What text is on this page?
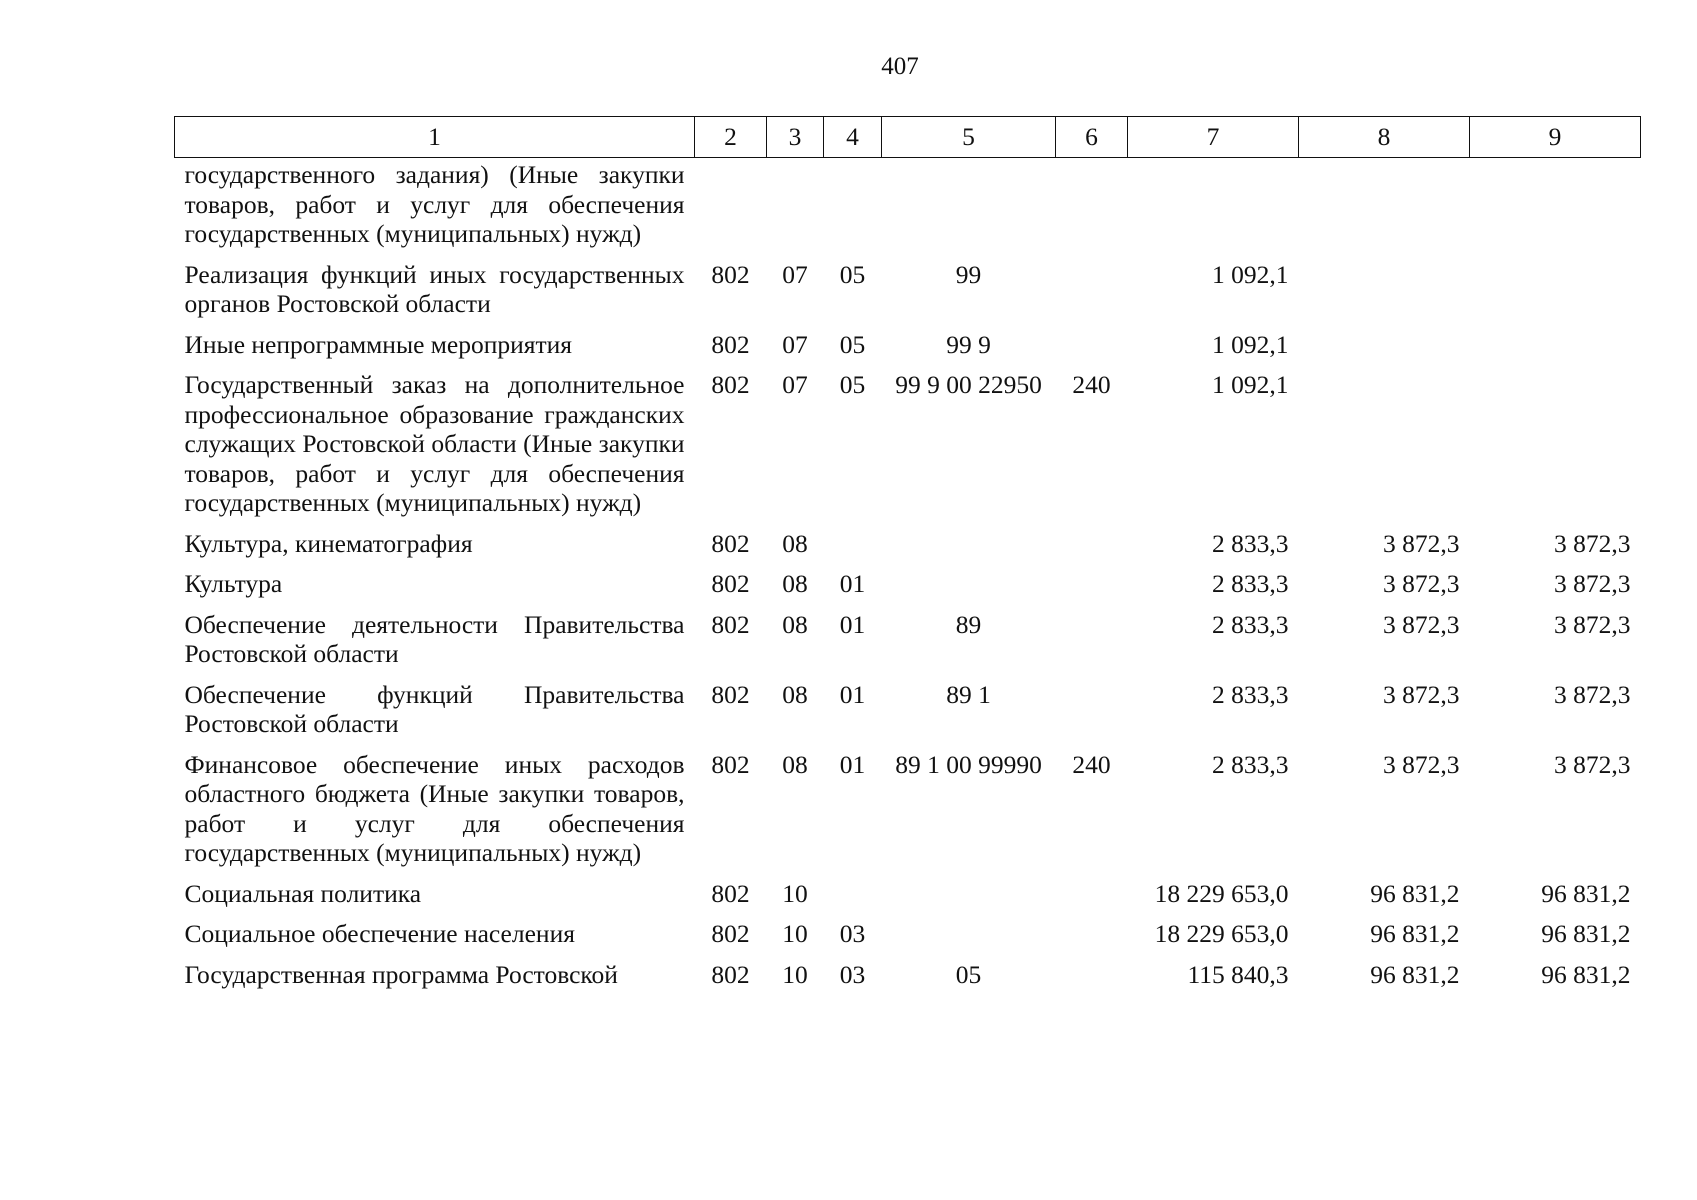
407
1	2	3	4	5	6	7	8	9
государственного задания) (Иные закупки товаров, работ и услуг для обеспечения государственных (муниципальных) нужд)								
Реализация функций иных государственных органов Ростовской области	802	07	05	99		1 092,1		
Иные непрограммные мероприятия	802	07	05	99 9		1 092,1		
Государственный заказ на дополнительное профессиональное образование гражданских служащих Ростовской области (Иные закупки товаров, работ и услуг для обеспечения государственных (муниципальных) нужд)	802	07	05	99 9 00 22950	240	1 092,1		
Культура, кинематография	802	08				2 833,3	3 872,3	3 872,3
Культура	802	08	01			2 833,3	3 872,3	3 872,3
Обеспечение деятельности Правительства Ростовской области	802	08	01	89		2 833,3	3 872,3	3 872,3
Обеспечение функций Правительства Ростовской области	802	08	01	89 1		2 833,3	3 872,3	3 872,3
Финансовое обеспечение иных расходов областного бюджета (Иные закупки товаров, работ и услуг для обеспечения государственных (муниципальных) нужд)	802	08	01	89 1 00 99990	240	2 833,3	3 872,3	3 872,3
Социальная политика	802	10				18 229 653,0	96 831,2	96 831,2
Социальное обеспечение населения	802	10	03			18 229 653,0	96 831,2	96 831,2
Государственная программа Ростовской	802	10	03	05		115 840,3	96 831,2	96 831,2
